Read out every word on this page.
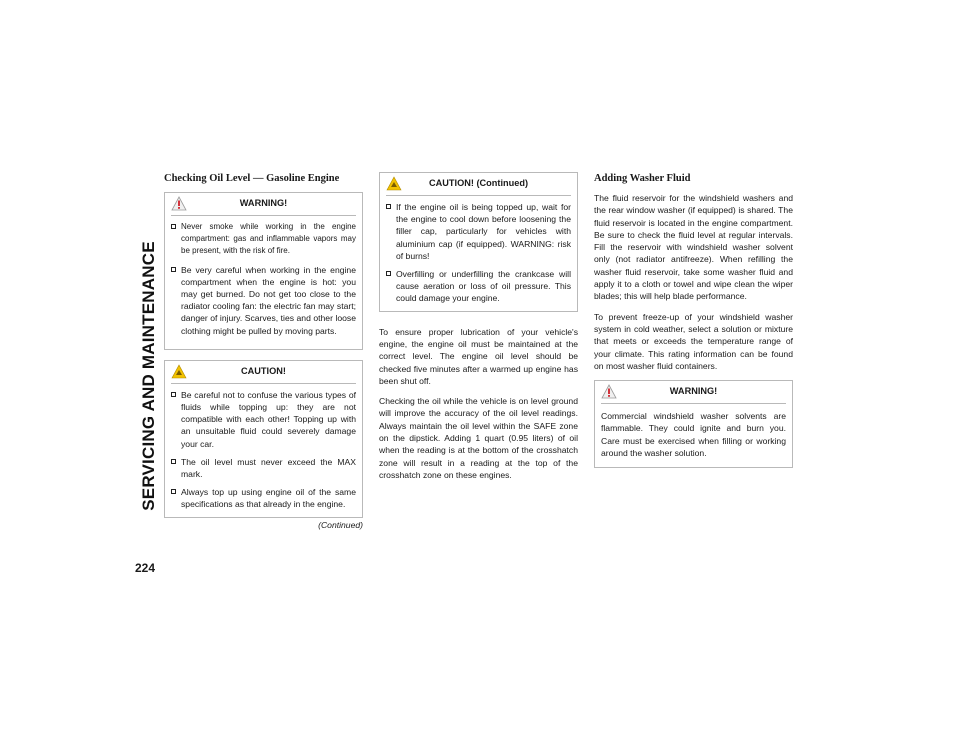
SERVICING AND MAINTENANCE
224
Checking Oil Level — Gasoline Engine
WARNING!
Never smoke while working in the engine compartment: gas and inflammable vapors may be present, with the risk of fire.
Be very careful when working in the engine compartment when the engine is hot: you may get burned. Do not get too close to the radiator cooling fan: the electric fan may start; danger of injury. Scarves, ties and other loose clothing might be pulled by moving parts.
CAUTION!
Be careful not to confuse the various types of fluids while topping up: they are not compatible with each other! Topping up with an unsuitable fluid could severely damage your car.
The oil level must never exceed the MAX mark.
Always top up using engine oil of the same specifications as that already in the engine.
(Continued)
CAUTION! (Continued)
If the engine oil is being topped up, wait for the engine to cool down before loosening the filler cap, particularly for vehicles with aluminium cap (if equipped). WARNING: risk of burns!
Overfilling or underfilling the crankcase will cause aeration or loss of oil pressure. This could damage your engine.

To ensure proper lubrication of your vehicle's engine, the engine oil must be maintained at the correct level. The engine oil level should be checked five minutes after a warmed up engine has been shut off.

Checking the oil while the vehicle is on level ground will improve the accuracy of the oil level readings. Always maintain the oil level within the SAFE zone on the dipstick. Adding 1 quart (0.95 liters) of oil when the reading is at the bottom of the crosshatch zone will result in a reading at the top of the crosshatch zone on these engines.

Adding Washer Fluid

The fluid reservoir for the windshield washers and the rear window washer (if equipped) is shared. The fluid reservoir is located in the engine compartment. Be sure to check the fluid level at regular intervals. Fill the reservoir with windshield washer solvent only (not radiator antifreeze). When refilling the washer fluid reservoir, take some washer fluid and apply it to a cloth or towel and wipe clean the wiper blades; this will help blade performance.

To prevent freeze-up of your windshield washer system in cold weather, select a solution or mixture that meets or exceeds the temperature range of your climate. This rating information can be found on most washer fluid containers.

WARNING!

Commercial windshield washer solvents are flammable. They could ignite and burn you. Care must be exercised when filling or working around the washer solution.
